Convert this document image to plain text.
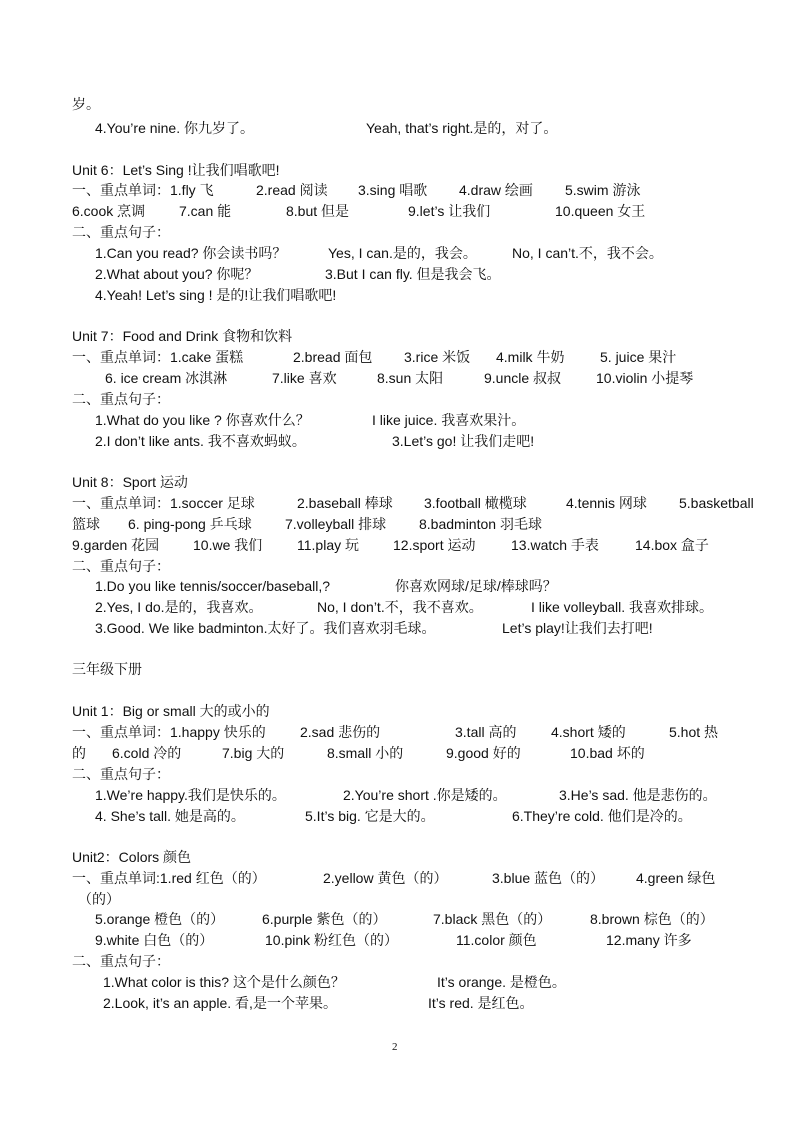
岁。
4.You’re nine. 你九岁了。	Yeah, that’s right.是的，对了。
Unit 6：Let’s Sing !让我们唱歌吧!
一、重点单词：1.fly 飞	2.read 阅读 3.sing 唱歌 4.draw 绘画 5.swim 游泳
6.cook 烹调 7.can 能	8.but 但是	9.let’s 让我们	10.queen 女王
二、重点句子：
1.Can you read? 你会读书吗？	Yes, I can.是的，我会。	No, I can’t.不，我不会。
2.What about you? 你呢？	3.But I can fly. 但是我会飞。
4.Yeah! Let’s sing ! 是的!让我们唱歌吧!
Unit 7：Food and Drink 食物和饮料
一、重点单词：1.cake 蛋糕	2.bread 面包 3.rice 米饭 4.milk 牛奶	5. juice 果汁
6. ice cream 冰淇淋	7.like 喜欢	8.sun 太阳	9.uncle 叔叔 10.violin 小提琴
二、重点句子：
1.What do you like ? 你喜欢什么？	I like juice. 我喜欢果汁。
2.I don’t like ants. 我不喜欢蚂蚁。	3.Let’s go! 让我们走吧!
Unit 8：Sport 运动
一、重点单词：1.soccer 足球	2.baseball 棒球 3.football 橄榄球	4.tennis 网球 5.basketball
篮球 6. ping-pong 乒乓球 7.volleyball 排球 8.badminton 羽毛球
9.garden 花园 10.we 我们 11.play 玩 12.sport 运动	13.watch 手表	14.box 盒子
二、重点句子：
1.Do you like tennis/soccer/baseball,?	你喜欢网球/足球/棒球吗？
2.Yes, I do.是的，我喜欢。	No, I don’t.不，我不喜欢。	I like volleyball. 我喜欢排球。
3.Good. We like badminton.太好了。我们喜欢羽毛球。	Let’s play!让我们去打吧!
三年级下册
Unit 1：Big or small 大的或小的
一、重点单词：1.happy 快乐的 2.sad 悲伤的	3.tall 高的 4.short 矮的	5.hot 热
的 6.cold 冷的	7.big 大的	8.small 小的	9.good 好的	10.bad 坏的
二、重点句子：
1.We’re happy.我们是快乐的。	2.You’re short .你是矮的。	3.He’s sad. 他是悲伤的。
4. She’s tall. 她是高的。	5.It’s big. 它是大的。	6.They’re cold. 他们是冷的。
Unit2：Colors 颜色
一、重点单词:1.red 红色（的）	2.yellow 黄色（的）	3.blue 蓝色（的） 4.green 绿色
（的）
5.orange 橙色（的）	6.purple 紫色（的）	7.black 黑色（的）	8.brown 棕色（的）
9.white 白色（的）	10.pink 粉红色（的）	11.color 颜色	12.many 许多
二、重点句子：
1.What color is this? 这个是什么颜色？	It’s orange. 是橙色。
2.Look, it’s an apple. 看,是一个苹果。	It’s red. 是红色。
2
